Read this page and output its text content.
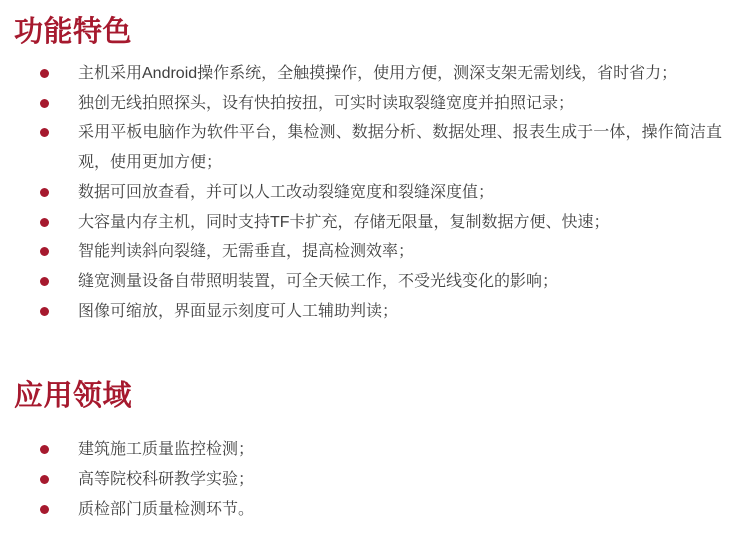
功能特色
主机采用Android操作系统，全触摸操作，使用方便，测深支架无需划线，省时省力；
独创无线拍照探头，设有快拍按扭，可实时读取裂缝宽度并拍照记录；
采用平板电脑作为软件平台，集检测、数据分析、数据处理、报表生成于一体，操作简洁直观，使用更加方便；
数据可回放查看，并可以人工改动裂缝宽度和裂缝深度值；
大容量内存主机，同时支持TF卡扩充，存储无限量，复制数据方便、快速；
智能判读斜向裂缝，无需垂直，提高检测效率；
缝宽测量设备自带照明装置，可全天候工作，不受光线变化的影响；
图像可缩放，界面显示刻度可人工辅助判读；
应用领域
建筑施工质量监控检测；
高等院校科研教学实验；
质检部门质量检测环节。
